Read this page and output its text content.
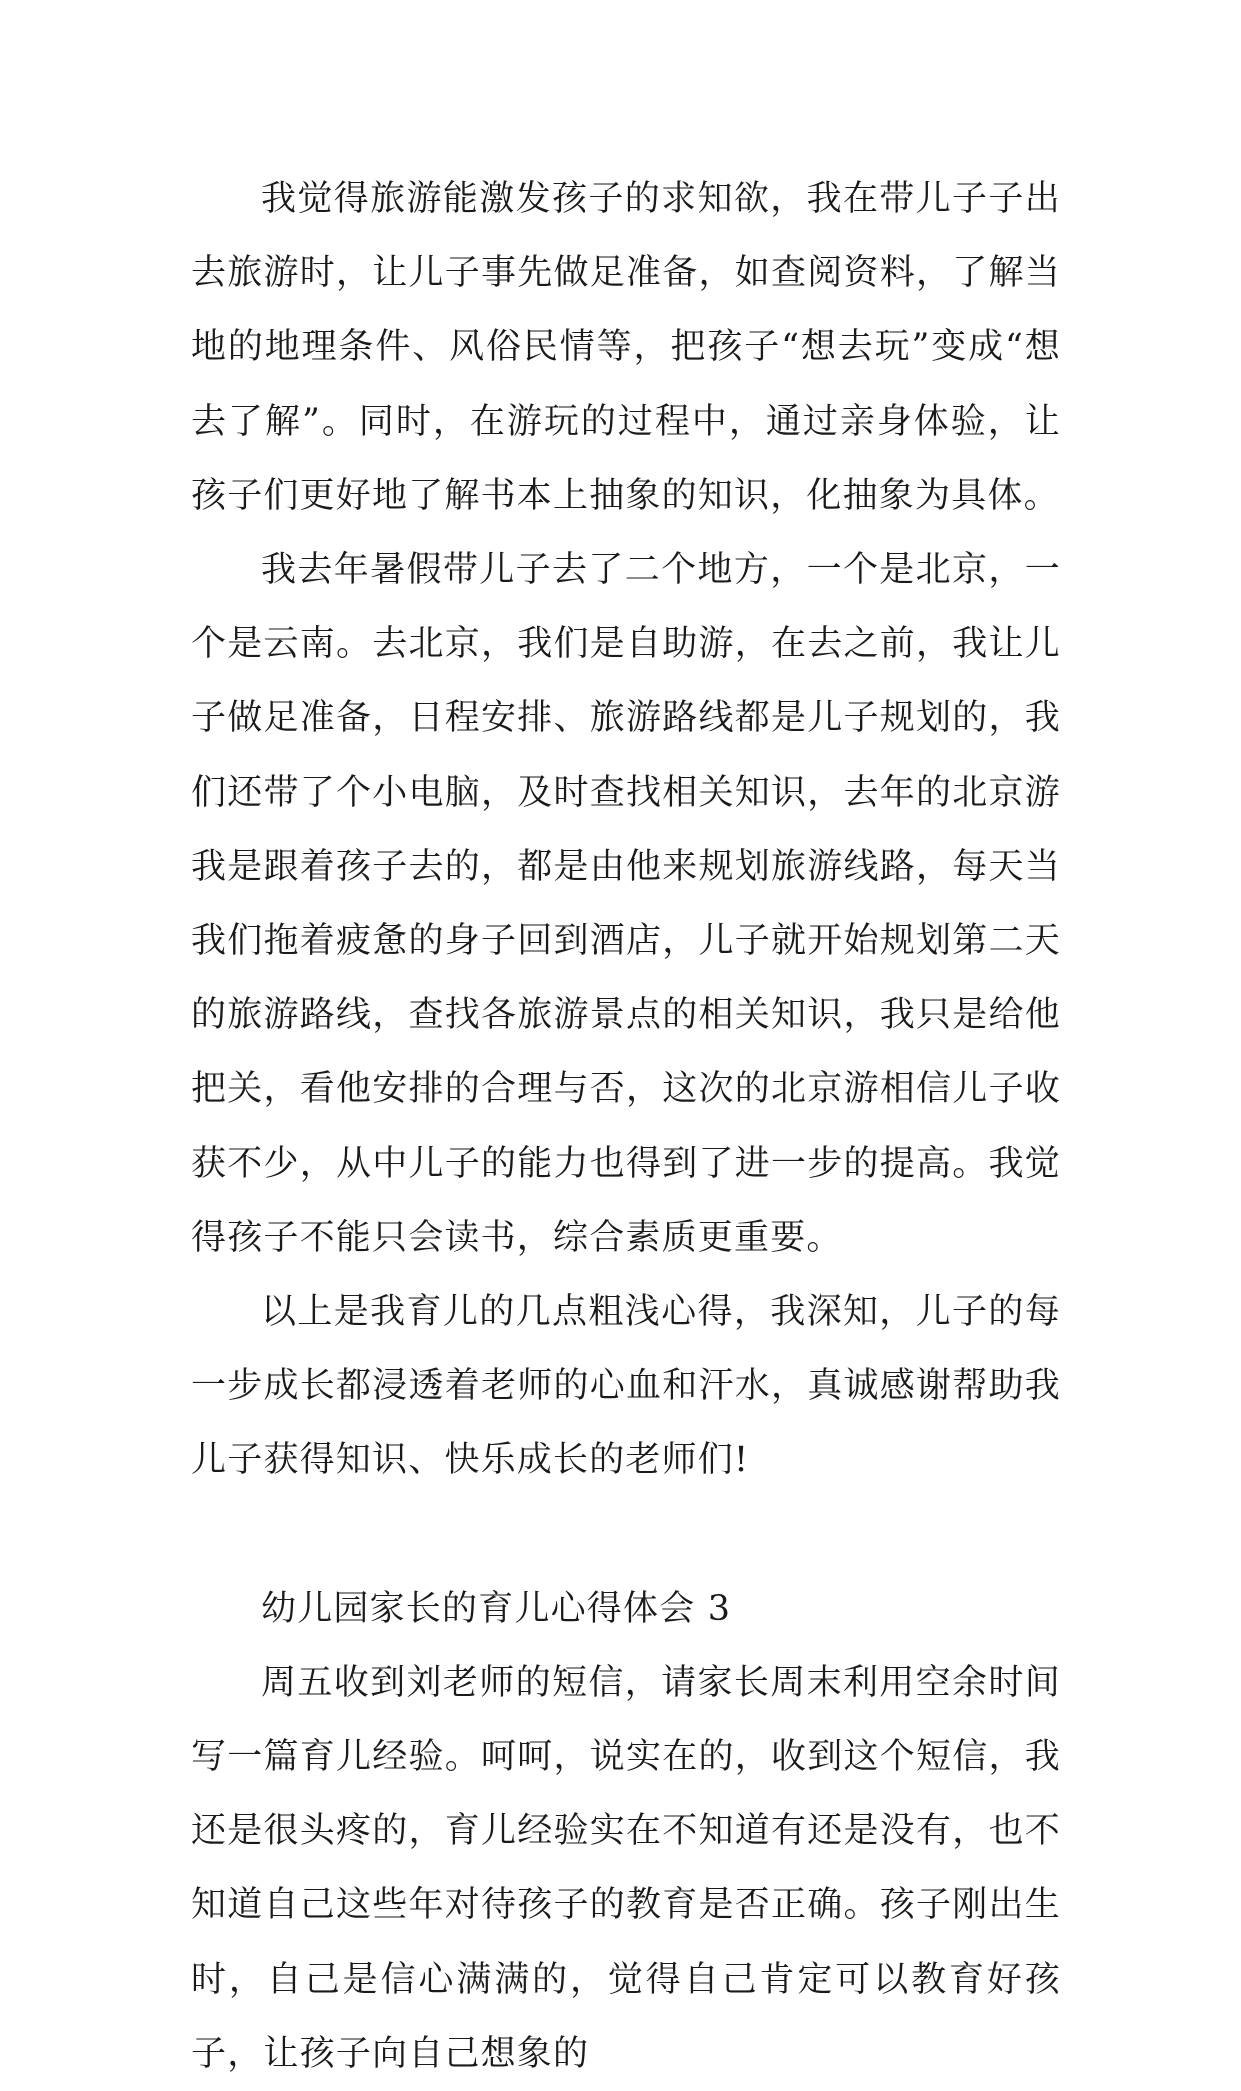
我觉得旅游能激发孩子的求知欲，我在带儿子子出去旅游时，让儿子事先做足准备，如查阅资料，了解当地的地理条件、风俗民情等，把孩子“想去玩”变成“想去了解”。同时，在游玩的过程中，通过亲身体验，让孩子们更好地了解书本上抽象的知识，化抽象为具体。

我去年暑假带儿子去了二个地方，一个是北京，一个是云南。去北京，我们是自助游，在去之前，我让儿子做足准备，日程安排、旅游路线都是儿子规划的，我们还带了个小电脑，及时查找相关知识，去年的北京游我是跟着孩子去的，都是由他来规划旅游线路，每天当我们拖着疲惫的身子回到酒店，儿子就开始规划第二天的旅游路线，查找各旅游景点的相关知识，我只是给他把关，看他安排的合理与否，这次的北京游相信儿子收获不少，从中儿子的能力也得到了进一步的提高。我觉得孩子不能只会读书，综合素质更重要。

以上是我育儿的几点粗浅心得，我深知，儿子的每一步成长都浸透着老师的心血和汗水，真诚感谢帮助我儿子获得知识、快乐成长的老师们!

幼儿园家长的育儿心得体会 3

周五收到刘老师的短信，请家长周末利用空余时间写一篇育儿经验。呵呵，说实在的，收到这个短信，我还是很头疼的，育儿经验实在不知道有还是没有，也不知道自己这些年对待孩子的教育是否正确。孩子刚出生时，自己是信心满满的，觉得自己肯定可以教育好孩子，让孩子向自己想象的
